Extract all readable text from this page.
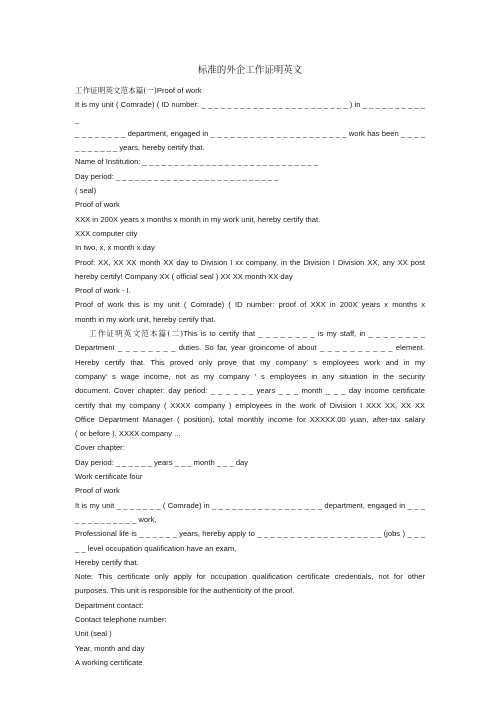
标准的外企工作证明英文

工作证明英文范本篇(一)Proof of work

It is my unit ( Comrade) ( ID number: _ _ _ _ _ _ _ _ _ _ _ _ _ _ _ _ _ _ _ _ _ _ _ ) in _ _ _ _ _ _ _ _ _ _ _

_ _ _ _ _ _ _ _ department, engaged in _ _ _ _ _ _ _ _ _ _ _ _ _ _ _ _ _ _ _ _ _ work has been _ _ _ _

_ _ _ _ _ _ _ years, hereby certify that.

Name of Institution: _ _ _ _ _ _ _ _ _ _ _ _ _ _ _ _ _ _ _ _ _ _ _ _ _ _ _ _

Day period: _ _ _ _ _ _ _ _ _ _ _ _ _ _ _ _ _ _ _ _ _ _ _ _ _ _

( seal)

Proof of work

XXX in 200X years x months x month in my work unit, hereby certify that.

XXX computer city

In two, x, x month x day

Proof: XX, XX XX month XX day to Division I xx company, in the Division I Division XX, any XX post

hereby certify! Company XX ( official seal ) XX XX month XX day

Proof of work - I.

Proof of work this is my unit ( Comrade) ( ID number: proof of XXX in 200X years x months x

month in my work unit, hereby certify that.

工作证明英文范本篇(二)This is to certify that _ _ _ _ _ _ _ _ is my staff, in _ _ _ _ _ _ _ _

Department _ _ _ _ _ _ _ _ duties. So far, year groincome of about _ _ _ _ _ _ _ _ _ _ element.

Hereby certify that. This proved only prove that my company' s employees work and in my

company' s wage income, not as my company ' s employees in any situation in the security

document. Cover chapter: day period: _ _ _ _ _ _ years _ _ _ month _ _ _ day income certificate

certify that my company ( XXXX company ) employees in the work of Division I XXX XX, XX XX

Office Department Manager ( position), total monthly income for XXXXX.00 yuan, after-tax salary

( or before ). XXXX company ...

Cover chapter:

Day period: _ _ _ _ _ _ years _ _ _ month _ _ _ day

Work certificate four

Proof of work

It is my unit _ _ _ _ _ _ _ ( Comrade) in _ _ _ _ _ _ _ _ _ _ _ _ _ _ _ _ _ department, engaged in _ _ _

_ _ _ _ _ _ _ _ _ _ work,

Professional life is _ _ _ _ _ _ years, hereby apply to _ _ _ _ _ _ _ _ _ _ _ _ _ _ _ _ _ _ _ (jobs ) _ _ _

_ _ level occupation qualification have an exam,

Hereby certify that.

Note: This certificate only apply for occupation qualification certificate credentials, not for other

purposes. This unit is responsible for the authenticity of the proof.

Department contact:

Contact telephone number:

Unit (seal )

Year, month and day

A working certificate
